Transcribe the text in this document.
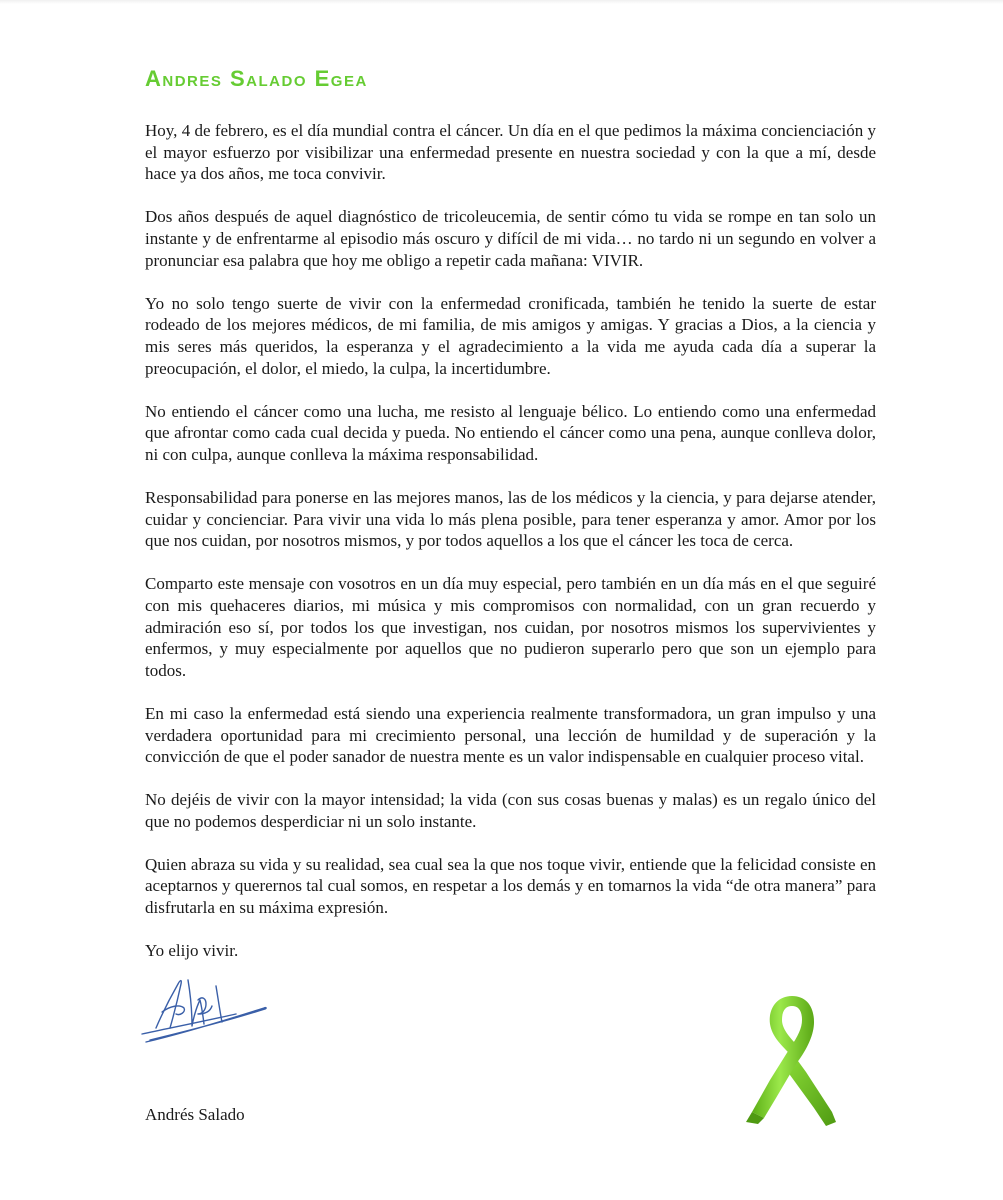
Andres Salado Egea

Hoy, 4 de febrero, es el día mundial contra el cáncer. Un día en el que pedimos la máxima concienciación y el mayor esfuerzo por visibilizar una enfermedad presente en nuestra sociedad y con la que a mí, desde hace ya dos años, me toca convivir.

Dos años después de aquel diagnóstico de tricoleucemia, de sentir cómo tu vida se rompe en tan solo un instante y de enfrentarme al episodio más oscuro y difícil de mi vida… no tardo ni un segundo en volver a pronunciar esa palabra que hoy me obligo a repetir cada mañana: VIVIR.

Yo no solo tengo suerte de vivir con la enfermedad cronificada, también he tenido la suerte de estar rodeado de los mejores médicos, de mi familia, de mis amigos y amigas. Y gracias a Dios, a la ciencia y mis seres más queridos, la esperanza y el agradecimiento a la vida me ayuda cada día a superar la preocupación, el dolor, el miedo, la culpa, la incertidumbre.

No entiendo el cáncer como una lucha, me resisto al lenguaje bélico. Lo entiendo como una enfermedad que afrontar como cada cual decida y pueda. No entiendo el cáncer como una pena, aunque conlleva dolor, ni con culpa, aunque conlleva la máxima responsabilidad.

Responsabilidad para ponerse en las mejores manos, las de los médicos y la ciencia, y para dejarse atender, cuidar y concienciar. Para vivir una vida lo más plena posible, para tener esperanza y amor. Amor por los que nos cuidan, por nosotros mismos, y por todos aquellos a los que el cáncer les toca de cerca.

Comparto este mensaje con vosotros en un día muy especial, pero también en un día más en el que seguiré con mis quehaceres diarios, mi música y mis compromisos con normalidad, con un gran recuerdo y admiración eso sí, por todos los que investigan, nos cuidan, por nosotros mismos los supervivientes y enfermos, y muy especialmente por aquellos que no pudieron superarlo pero que son un ejemplo para todos.

En mi caso la enfermedad está siendo una experiencia realmente transformadora, un gran impulso y una verdadera oportunidad para mi crecimiento personal, una lección de humildad y de superación y la convicción de que el poder sanador de nuestra mente es un valor indispensable en cualquier proceso vital.

No dejéis de vivir con la mayor intensidad; la vida (con sus cosas buenas y malas) es un regalo único del que no podemos desperdiciar ni un solo instante.

Quien abraza su vida y su realidad, sea cual sea la que nos toque vivir, entiende que la felicidad consiste en aceptarnos y querernos tal cual somos, en respetar a los demás y en tomarnos la vida “de otra manera” para disfrutarla en su máxima expresión.

Yo elijo vivir.

Andrés Salado
